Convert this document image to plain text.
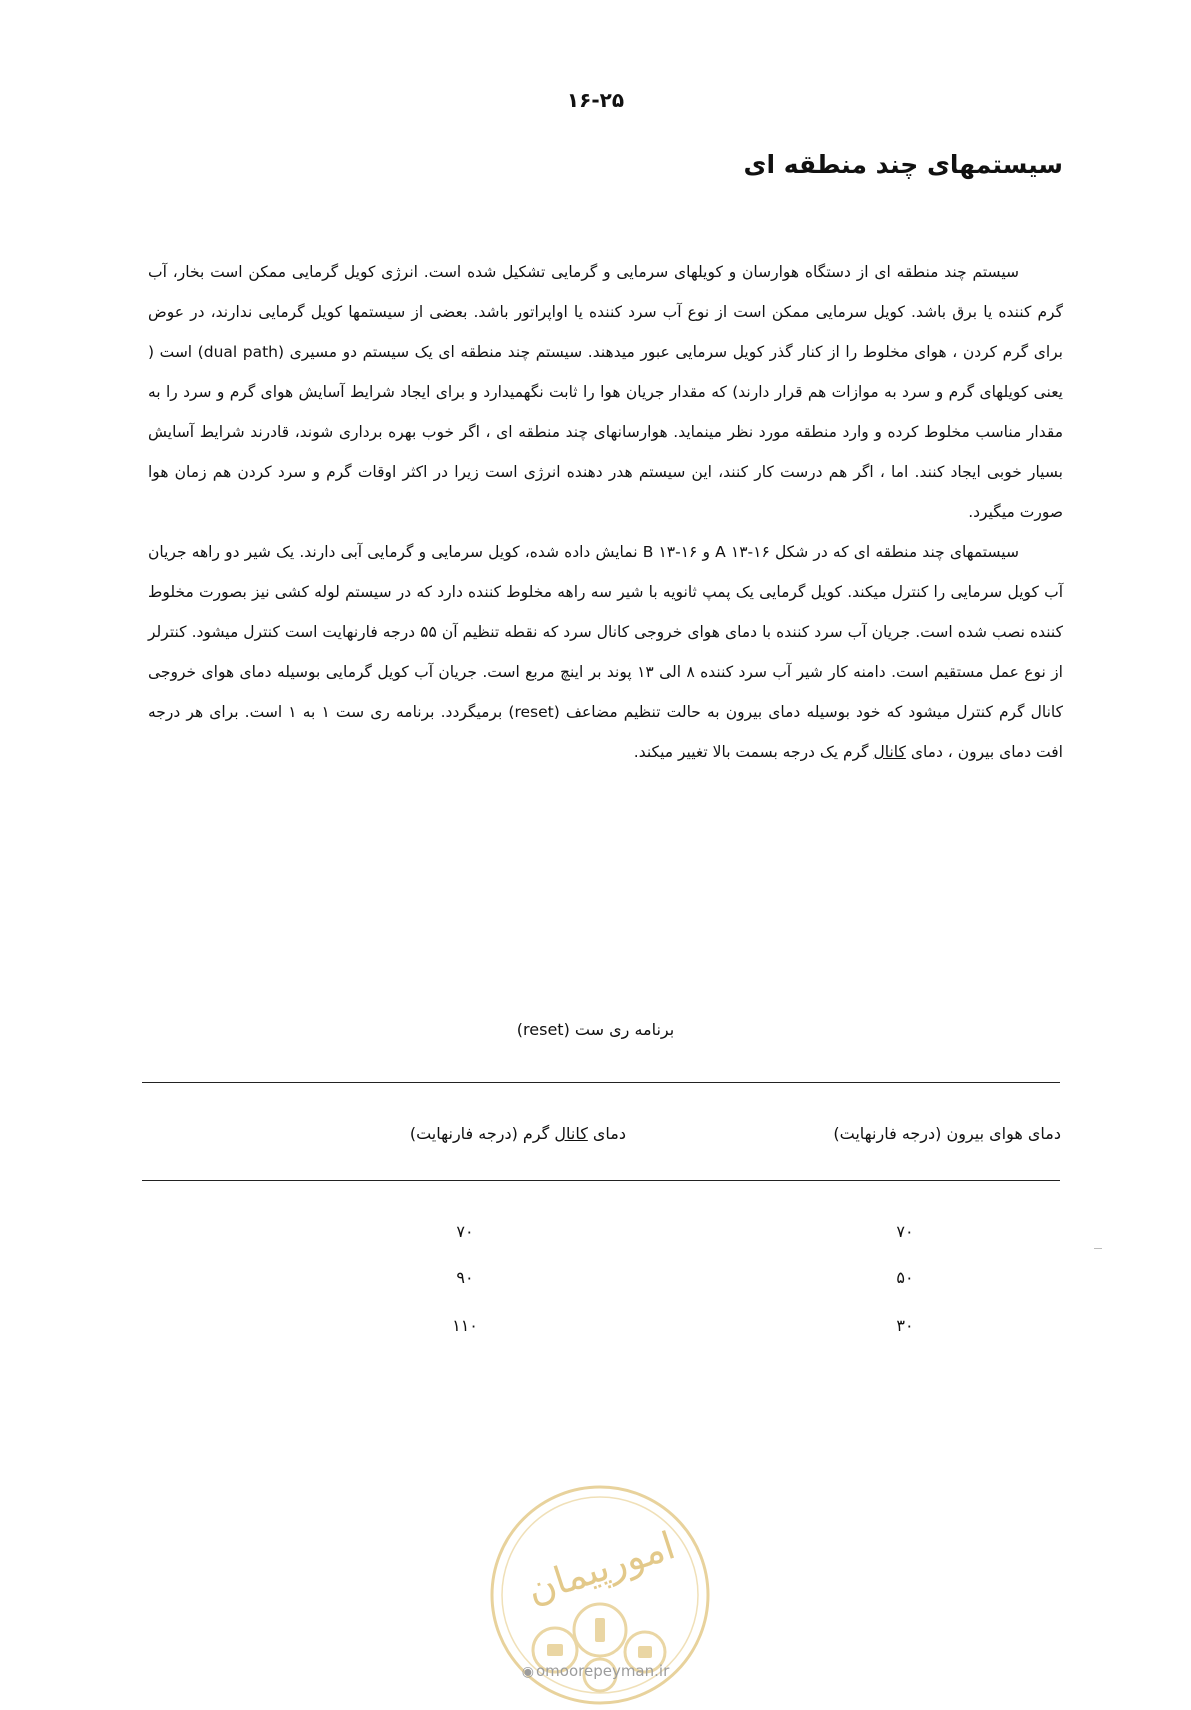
۱۶-۲۵
سیستمهای چند منطقه ای

سیستم چند منطقه ای از دستگاه هوارسان و کویلهای سرمایی و گرمایی تشکیل شده است. انرژی کویل گرمایی ممکن است بخار، آب گرم کننده یا برق باشد. کویل سرمایی ممکن است از نوع آب سرد کننده یا اواپراتور باشد. بعضی از سیستمها کویل گرمایی ندارند، در عوض برای گرم کردن ، هوای مخلوط را از کنار گذر کویل سرمایی عبور میدهند. سیستم چند منطقه ای یک سیستم دو مسیری (dual path) است ( یعنی کویلهای گرم و سرد به موازات هم قرار دارند) که مقدار جریان هوا را ثابت نگهمیدارد و برای ایجاد شرایط آسایش هوای گرم و سرد را به مقدار مناسب مخلوط کرده و وارد منطقه مورد نظر مینماید. هوارسانهای چند منطقه ای ، اگر خوب بهره برداری شوند، قادرند شرایط آسایش بسیار خوبی ایجاد کنند. اما ، اگر هم درست کار کنند، این سیستم هدر دهنده انرژی است زیرا در اکثر اوقات گرم و سرد کردن هم زمان هوا صورت میگیرد.

سیستمهای چند منطقه ای که در شکل A ۱۳-۱۶ و B ۱۳-۱۶ نمایش داده شده، کویل سرمایی و گرمایی آبی دارند. یک شیر دو راهه جریان آب کویل سرمایی را کنترل میکند. کویل گرمایی یک پمپ ثانویه با شیر سه راهه مخلوط کننده دارد که در سیستم لوله کشی نیز بصورت مخلوط کننده نصب شده است. جریان آب سرد کننده با دمای هوای خروجی کانال سرد که نقطه تنظیم آن ۵۵ درجه فارنهایت است کنترل میشود. کنترلر از نوع عمل مستقیم است. دامنه کار شیر آب سرد کننده ۸ الی ۱۳ پوند بر اینچ مربع است. جریان آب کویل گرمایی بوسیله دمای هوای خروجی کانال گرم کنترل میشود که خود بوسیله دمای بیرون به حالت تنظیم مضاعف (reset) برمیگردد. برنامه ری ست ۱ به ۱ است. برای هر درجه افت دمای بیرون ، دمای کانال گرم یک درجه بسمت بالا تغییر میکند.

برنامه ری ست (reset)
دمای هوای بیرون (درجه فارنهایت)
دمای کانال گرم (درجه فارنهایت)
۷۰
۷۰
۵۰
۹۰
۳۰
۱۱۰
امورپیمان
◉ omoorepeyman.ir
